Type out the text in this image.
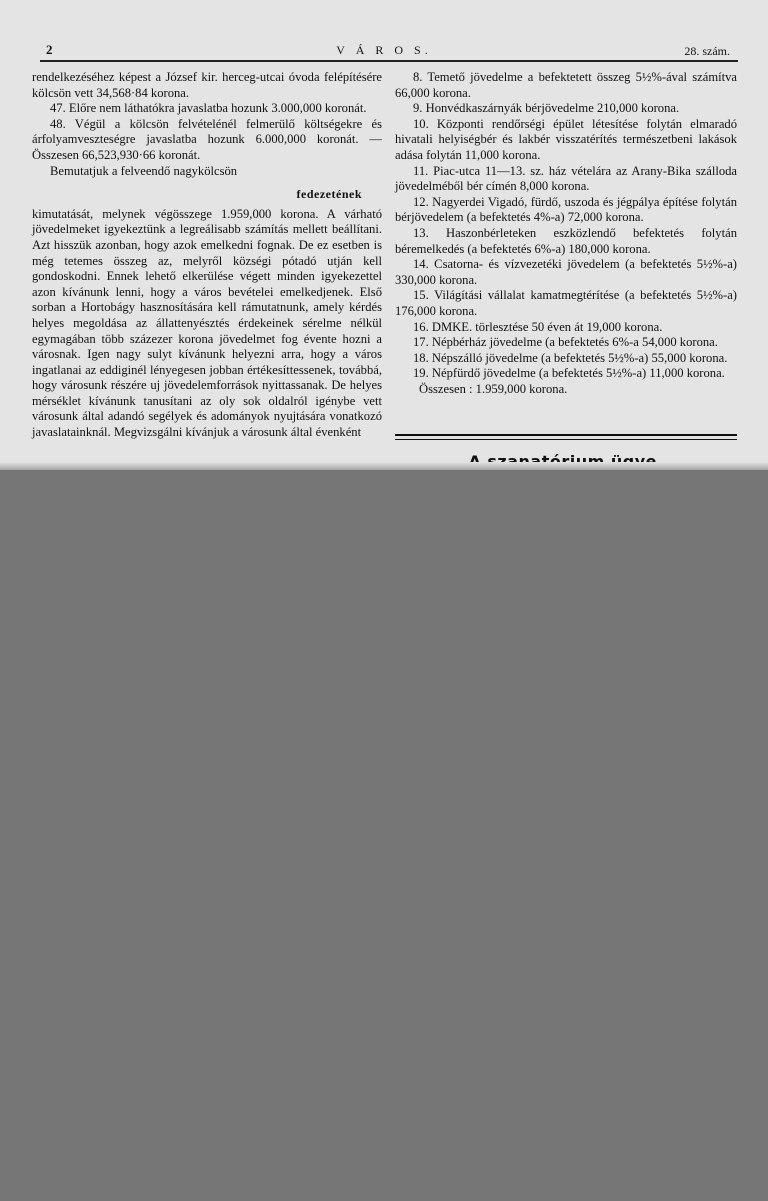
2	V Á R O S.	28. szám.

rendelkezéséhez képest a József kir. herceg-utcai óvoda felépítésére kölcsön vett 34,568·84 korona.

47. Előre nem láthatókra javaslatba hozunk 3.000,000 koronát.

48. Végül a kölcsön felvételénél felmerülő költségekre és árfolyamveszteségre javaslatba hozunk 6.000,000 koronát. — Összesen 66,523,930·66 koronát.

Bemutatjuk a felveendő nagykölcsön

fedezetének

kimutatását, melynek végösszege 1.959,000 korona. A várható jövedelmeket igyekeztünk a legreálisabb számítás mellett beállítani. Azt hisszük azonban, hogy azok emelkedni fognak. De ez esetben is még tetemes összeg az, melyről községi pótadó utján kell gondoskodni. Ennek lehető elkerülése végett minden igyekezettel azon kívánunk lenni, hogy a város bevételei emelkedjenek. Első sorban a Hortobágy hasznosítására kell rámutatnunk, amely kérdés helyes megoldása az állattenyésztés érdekeinek sérelme nélkül egymagában több százezer korona jövedelmet fog évente hozni a városnak. Igen nagy sulyt kívánunk helyezni arra, hogy a város ingatlanai az eddiginél lényegesen jobban értékesíttessenek, továbbá, hogy városunk részére uj jövedelemforrások nyittassanak. De helyes mérséklet kívánunk tanusítani az oly sok oldalról igénybe vett városunk által adandó segélyek és adományok nyujtására vonatkozó javaslatainknál. Megvizsgálni kívánjuk a városunk által évenként

8. Temető jövedelme a befektetett összeg 5½%-ával számítva 66,000 korona.

9. Honvédkaszárnyák bérjövedelme 210,000 korona.

10. Központi rendőrségi épület létesítése folytán elmaradó hivatali helyiségbér és lakbér visszatérítés természetbeni lakások adása folytán 11,000 korona.

11. Piac-utca 11—13. sz. ház vételára az Arany-Bika szálloda jövedelméből bér címén 8,000 korona.

12. Nagyerdei Vigadó, fürdő, uszoda és jégpálya építése folytán bérjövedelem (a befektetés 4%-a) 72,000 korona.

13. Haszonbérleteken eszközlendő befektetés folytán béremelkedés (a befektetés 6%-a) 180,000 korona.

14. Csatorna- és vízvezetéki jövedelem (a befektetés 5½%-a) 330,000 korona.

15. Világítási vállalat kamatmegtérítése (a befektetés 5½%-a) 176,000 korona.

16. DMKE. törlesztése 50 éven át 19,000 korona.

17. Népbérház jövedelme (a befektetés 6%-a 54,000 korona.

18. Népszálló jövedelme (a befektetés 5½%-a) 55,000 korona.

19. Népfürdő jövedelme (a befektetés 5½%-a) 11,000 korona.

Összesen : 1.959,000 korona.
